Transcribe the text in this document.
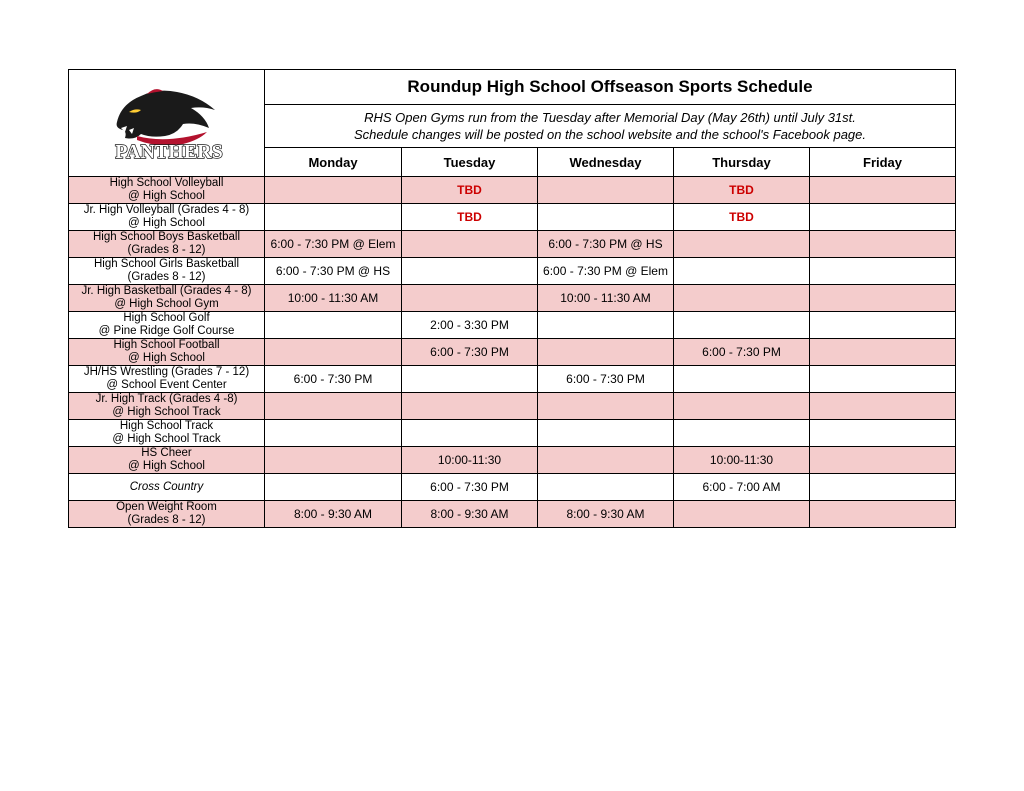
PANTHERS	Roundup High School Offseason Sports Schedule				

	RHS Open Gyms run from the Tuesday after Memorial Day (May 26th) until July 31st.
Schedule changes will be posted on the school website and the school's Facebook page.				

	Monday	Tuesday	Wednesday	Thursday	Friday

High School Volleyball
@ High School		TBD		TBD	

Jr. High Volleyball (Grades 4 - 8)
@ High School		TBD		TBD	

High School Boys Basketball
(Grades 8 - 12)	6:00 - 7:30 PM @ Elem		6:00 - 7:30 PM @ HS		

High School Girls Basketball
(Grades 8 - 12)	6:00 - 7:30 PM @ HS		6:00 - 7:30 PM @ Elem		

Jr. High Basketball (Grades 4 - 8)
@ High School Gym	10:00 - 11:30 AM		10:00 - 11:30 AM		

High School Golf
@ Pine Ridge Golf Course		2:00 - 3:30 PM			

High School Football
@ High School		6:00 - 7:30 PM		6:00 - 7:30 PM	

JH/HS Wrestling (Grades 7 - 12)
@ School Event Center	6:00 - 7:30 PM		6:00 - 7:30 PM		

Jr. High Track (Grades 4 -8)
@ High School Track					

High School Track
@ High School Track					

HS Cheer
@ High School		10:00-11:30		10:00-11:30	

Cross Country		6:00 - 7:30 PM		6:00 - 7:00 AM	

Open Weight Room
(Grades 8 - 12)	8:00 - 9:30 AM	8:00 - 9:30 AM	8:00 - 9:30 AM		
